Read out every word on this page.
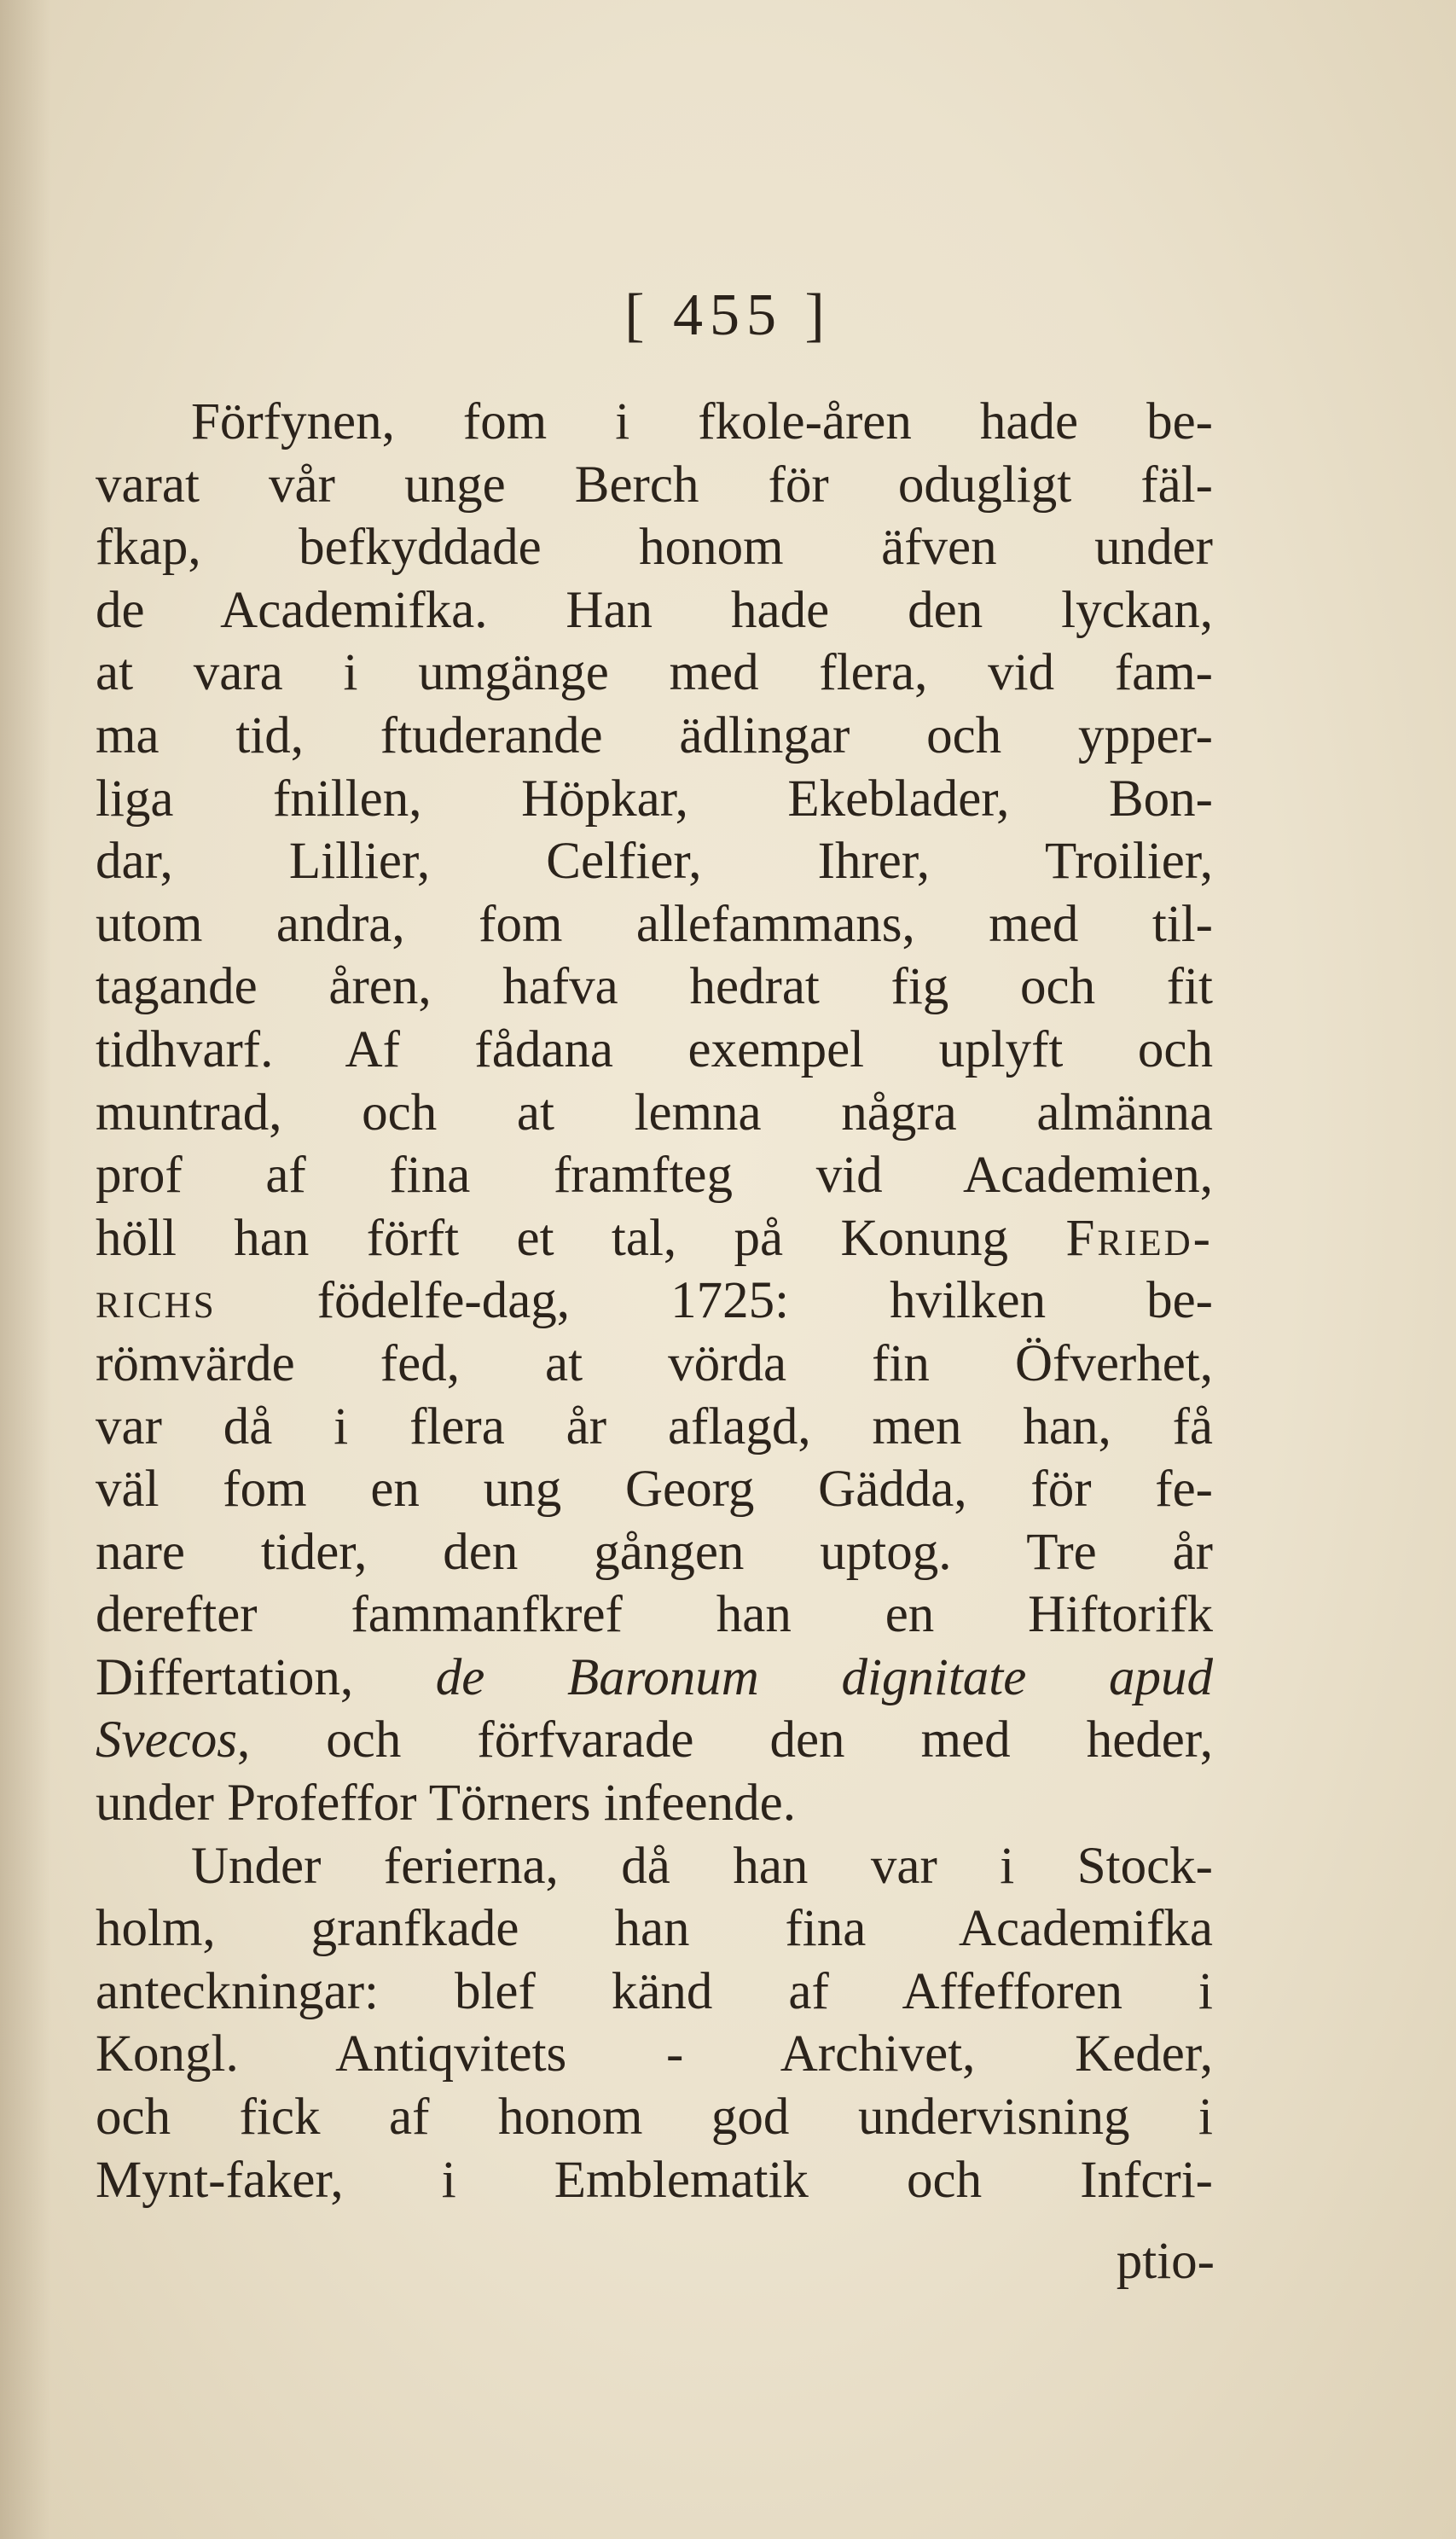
[ 455 ]
Förfynen, fom i fkole-åren hade be-
varat vår unge Berch för odugligt fäl-
fkap, befkyddade honom äfven under
de Academifka. Han hade den lyckan,
at vara i umgänge med flera, vid fam-
ma tid, ftuderande ädlingar och ypper-
liga fnillen, Höpkar, Ekeblader, Bon-
dar, Lillier, Celfier, Ihrer, Troilier,
utom andra, fom allefammans, med til-
tagande åren, hafva hedrat fig och fit
tidhvarf. Af fådana exempel uplyft och
muntrad, och at lemna några almänna
prof af fina framfteg vid Academien,
höll han förft et tal, på Konung Fried-
richs födelfe-dag, 1725: hvilken be-
römvärde fed, at vörda fin Öfverhet,
var då i flera år aflagd, men han, få
väl fom en ung Georg Gädda, för fe-
nare tider, den gången uptog. Tre år
derefter fammanfkref han en Hiftorifk
Differtation, de Baronum dignitate apud
Svecos, och förfvarade den med heder,
under Profeffor Törners infeende.
Under ferierna, då han var i Stock-
holm, granfkade han fina Academifka
anteckningar: blef känd af Affefforen i
Kongl. Antiqvitets - Archivet, Keder,
och fick af honom god undervisning i
Mynt-faker, i Emblematik och Infcri-
ptio-
